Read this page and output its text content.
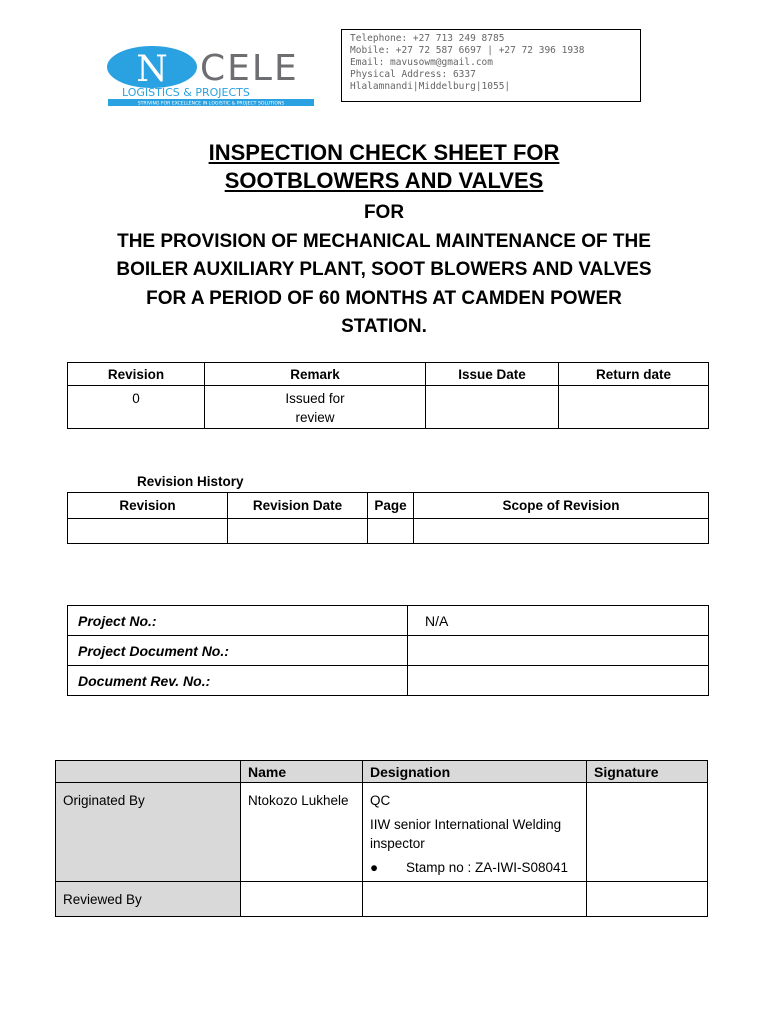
N CELE
LOGISTICS & PROJECTS
STRIVING FOR EXCELLENCE IN LOGISTIC & PROJECT SOLUTIONS
Telephone: +27 713 249 8785
Mobile: +27 72 587 6697 | +27 72 396 1938
Email: mavusowm@gmail.com
Physical Address: 6337
Hlalamnandi|Middelburg|1055|
INSPECTION CHECK SHEET FOR
SOOTBLOWERS AND VALVES
FOR
THE PROVISION OF MECHANICAL MAINTENANCE OF THE
BOILER AUXILIARY PLANT, SOOT BLOWERS AND VALVES
FOR A PERIOD OF 60 MONTHS AT CAMDEN POWER
STATION.
Revision	Remark	Issue Date	Return date
0	Issued for
review		

Revision History
Revision	Revision Date	Page	Scope of Revision

Project No.:	N/A
Project Document No.:	
Document Rev. No.:	
	Name	Designation	Signature
Originated By	Ntokozo Lukhele	QC
IIW senior International Welding inspector
● Stamp no : ZA-IWI-S08041	

Reviewed By			
